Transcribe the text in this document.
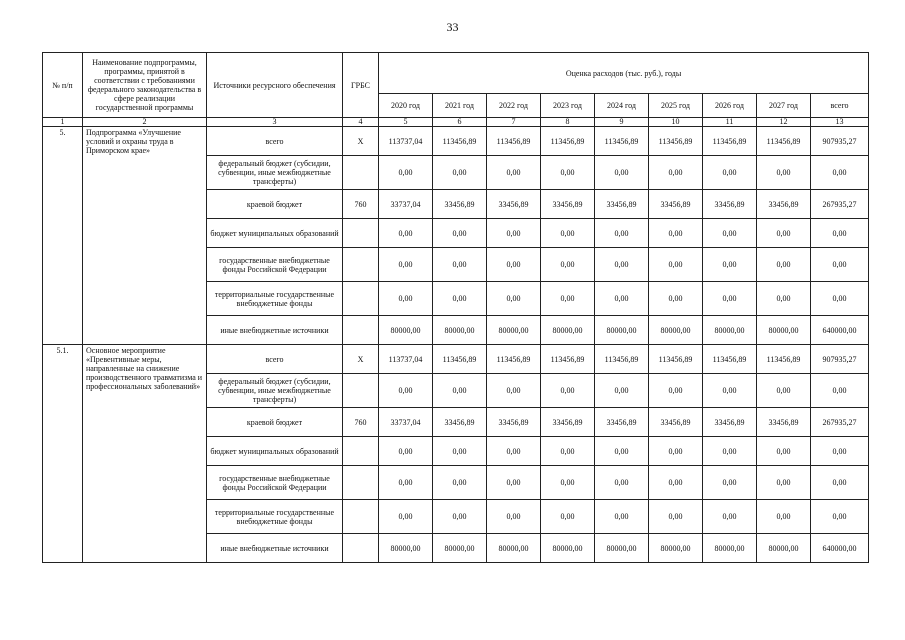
33
№ п/п	Наименование подпрограммы, программы, принятой в соответствии с требованиями федерального законодательства в сфере реализации государственной программы	Источники ресурсного обеспечения	ГРБС	Оценка расходов (тыс. руб.), годы								
				2020 год	2021 год	2022 год	2023 год	2024 год	2025 год	2026 год	2027 год	всего
1	2	3	4	5	6	7	8	9	10	11	12	13
5.	Подпрограмма «Улучшение условий и охраны труда в Приморском крае»	всего	Х	113737,04	113456,89	113456,89	113456,89	113456,89	113456,89	113456,89	113456,89	907935,27
		федеральный бюджет (субсидии, субвенции, иные межбюджетные трансферты)		0,00	0,00	0,00	0,00	0,00	0,00	0,00	0,00	0,00
		краевой бюджет	760	33737,04	33456,89	33456,89	33456,89	33456,89	33456,89	33456,89	33456,89	267935,27
		бюджет муниципальных образований		0,00	0,00	0,00	0,00	0,00	0,00	0,00	0,00	0,00
		государственные внебюджетные фонды Российской Федерации		0,00	0,00	0,00	0,00	0,00	0,00	0,00	0,00	0,00
		территориальные государственные внебюджетные фонды		0,00	0,00	0,00	0,00	0,00	0,00	0,00	0,00	0,00
		иные внебюджетные источники		80000,00	80000,00	80000,00	80000,00	80000,00	80000,00	80000,00	80000,00	640000,00
5.1.	Основное мероприятие «Превентивные меры, направленные на снижение производственного травматизма и профессиональных заболеваний»	всего	Х	113737,04	113456,89	113456,89	113456,89	113456,89	113456,89	113456,89	113456,89	907935,27
		федеральный бюджет (субсидии, субвенции, иные межбюджетные трансферты)		0,00	0,00	0,00	0,00	0,00	0,00	0,00	0,00	0,00
		краевой бюджет	760	33737,04	33456,89	33456,89	33456,89	33456,89	33456,89	33456,89	33456,89	267935,27
		бюджет муниципальных образований		0,00	0,00	0,00	0,00	0,00	0,00	0,00	0,00	0,00
		государственные внебюджетные фонды Российской Федерации		0,00	0,00	0,00	0,00	0,00	0,00	0,00	0,00	0,00
		территориальные государственные внебюджетные фонды		0,00	0,00	0,00	0,00	0,00	0,00	0,00	0,00	0,00
		иные внебюджетные источники		80000,00	80000,00	80000,00	80000,00	80000,00	80000,00	80000,00	80000,00	640000,00
